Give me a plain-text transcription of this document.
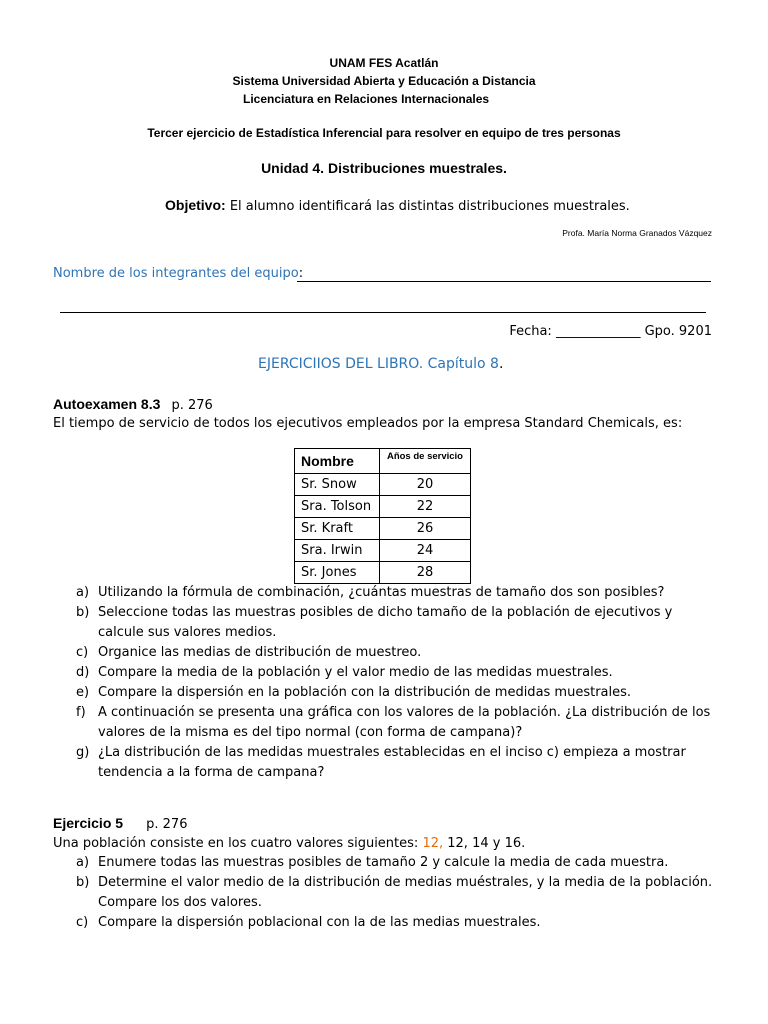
UNAM FES Acatlán
Sistema Universidad Abierta y Educación a Distancia
Licenciatura en Relaciones Internacionales
Tercer ejercicio de Estadística Inferencial para resolver en equipo de tres personas
Unidad 4. Distribuciones muestrales.
Objetivo: El alumno identificará las distintas distribuciones muestrales.
Profa. María Norma Granados Vázquez
Nombre de los integrantes del equipo:
Fecha: _____________ Gpo. 9201
EJERCICIIOS DEL LIBRO. Capítulo 8.
Autoexamen 8.3 p. 276
El tiempo de servicio de todos los ejecutivos empleados por la empresa Standard Chemicals, es:
Nombre	Años de servicio
Sr. Snow	20
Sra. Tolson	22
Sr. Kraft	26
Sra. Irwin	24
Sr. Jones	28
a) Utilizando la fórmula de combinación, ¿cuántas muestras de tamaño dos son posibles?
b) Seleccione todas las muestras posibles de dicho tamaño de la población de ejecutivos y calcule sus valores medios.
c) Organice las medias de distribución de muestreo.
d) Compare la media de la población y el valor medio de las medidas muestrales.
e) Compare la dispersión en la población con la distribución de medidas muestrales.
f) A continuación se presenta una gráfica con los valores de la población. ¿La distribución de los valores de la misma es del tipo normal (con forma de campana)?
g) ¿La distribución de las medidas muestrales establecidas en el inciso c) empieza a mostrar tendencia a la forma de campana?
Ejercicio 5 p. 276
Una población consiste en los cuatro valores siguientes: 12, 12, 14 y 16.
a) Enumere todas las muestras posibles de tamaño 2 y calcule la media de cada muestra.
b) Determine el valor medio de la distribución de medias muéstrales, y la media de la población. Compare los dos valores.
c) Compare la dispersión poblacional con la de las medias muestrales.
